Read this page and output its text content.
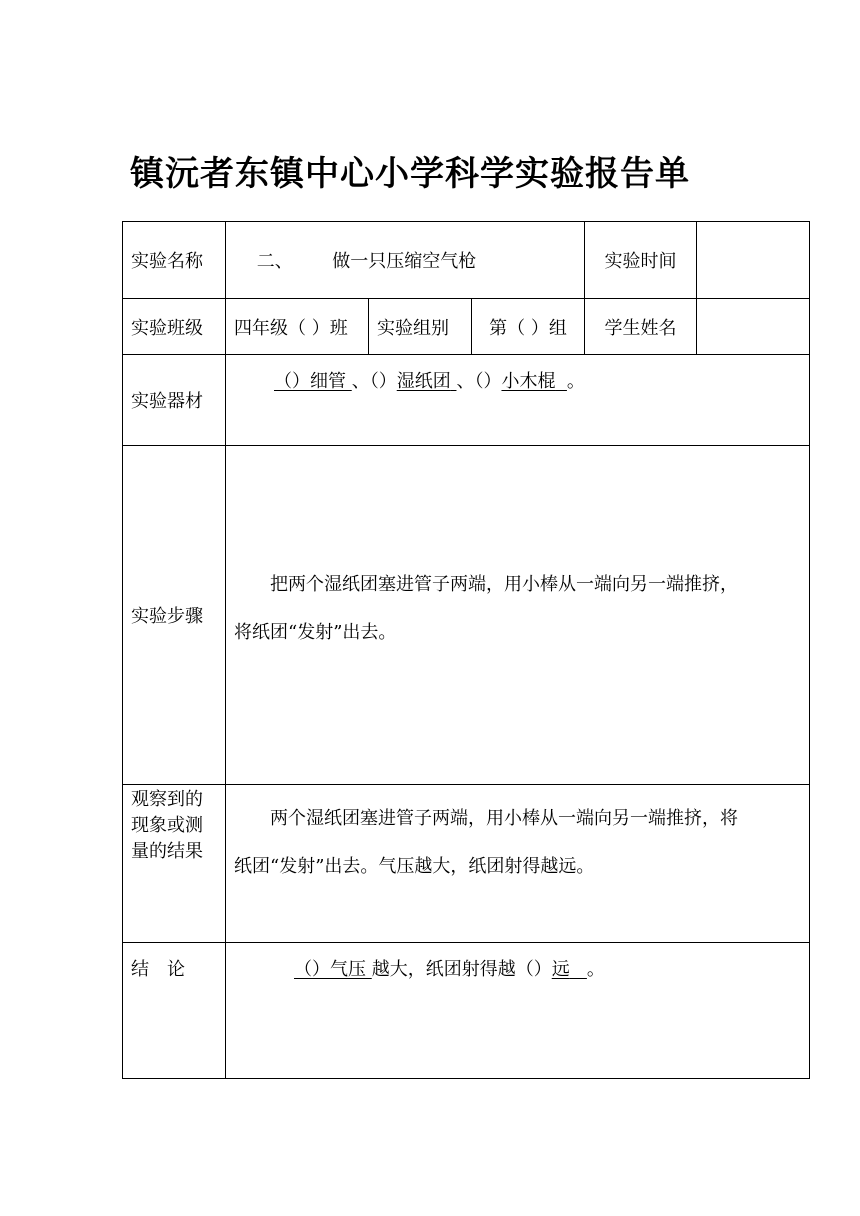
镇沅者东镇中心小学科学实验报告单
实验名称	二、 做一只压缩空气枪			实验时间	
实验班级	四年级（ ）班	实验组别	第（ ）组	学生姓名	
实验器材	（）细管 、（）湿纸团 、（）小木棍 。				

实验步骤	把两个湿纸团塞进管子两端，用小棒从一端向另一端推挤，
将纸团“发射”出去。				

观察到的现象或测量的结果	两个湿纸团塞进管子两端，用小棒从一端向另一端推挤，将
纸团“发射”出去。气压越大，纸团射得越远。				

结　论	（）气压 越大，纸团射得越（）远 。				
